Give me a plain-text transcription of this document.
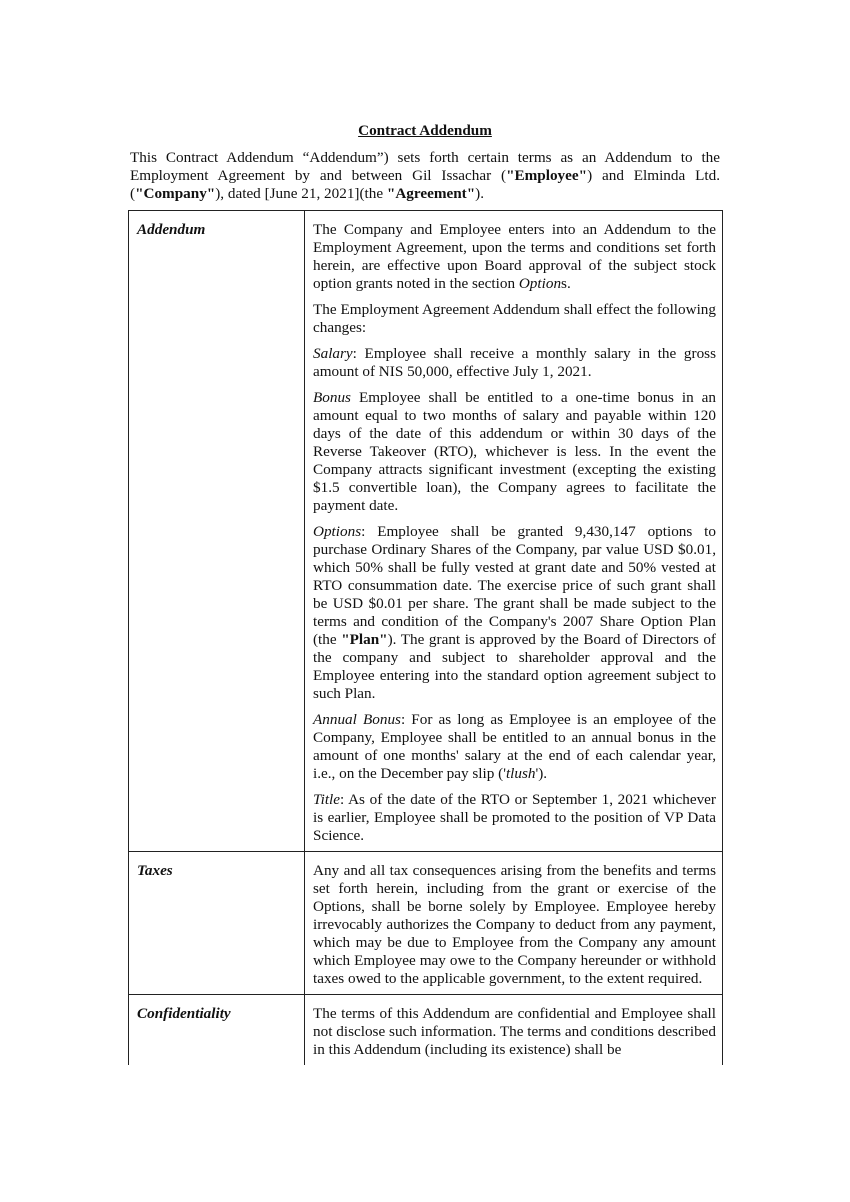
Contract Addendum

This Contract Addendum “Addendum”) sets forth certain terms as an Addendum to the Employment Agreement by and between Gil Issachar ("Employee") and Elminda Ltd. ("Company"), dated [June 21, 2021](the "Agreement").

Addendum	The Company and Employee enters into an Addendum to the Employment Agreement, upon the terms and conditions set forth herein, are effective upon Board approval of the subject stock option grants noted in the section Options.

The Employment Agreement Addendum shall effect the following changes:

Salary: Employee shall receive a monthly salary in the gross amount of NIS 50,000, effective July 1, 2021.

Bonus Employee shall be entitled to a one-time bonus in an amount equal to two months of salary and payable within 120 days of the date of this addendum or within 30 days of the Reverse Takeover (RTO), whichever is less. In the event the Company attracts significant investment (excepting the existing $1.5 convertible loan), the Company agrees to facilitate the payment date.

Options: Employee shall be granted 9,430,147 options to purchase Ordinary Shares of the Company, par value USD $0.01, which 50% shall be fully vested at grant date and 50% vested at RTO consummation date. The exercise price of such grant shall be USD $0.01 per share. The grant shall be made subject to the terms and condition of the Company's 2007 Share Option Plan (the "Plan"). The grant is approved by the Board of Directors of the company and subject to shareholder approval and the Employee entering into the standard option agreement subject to such Plan.

Annual Bonus: For as long as Employee is an employee of the Company, Employee shall be entitled to an annual bonus in the amount of one months' salary at the end of each calendar year, i.e., on the December pay slip ('tlush').

Title: As of the date of the RTO or September 1, 2021 whichever is earlier, Employee shall be promoted to the position of VP Data Science.

Taxes	Any and all tax consequences arising from the benefits and terms set forth herein, including from the grant or exercise of the Options, shall be borne solely by Employee. Employee hereby irrevocably authorizes the Company to deduct from any payment, which may be due to Employee from the Company any amount which Employee may owe to the Company hereunder or withhold taxes owed to the applicable government, to the extent required.

Confidentiality	The terms of this Addendum are confidential and Employee shall not disclose such information. The terms and conditions described in this Addendum (including its existence) shall be
